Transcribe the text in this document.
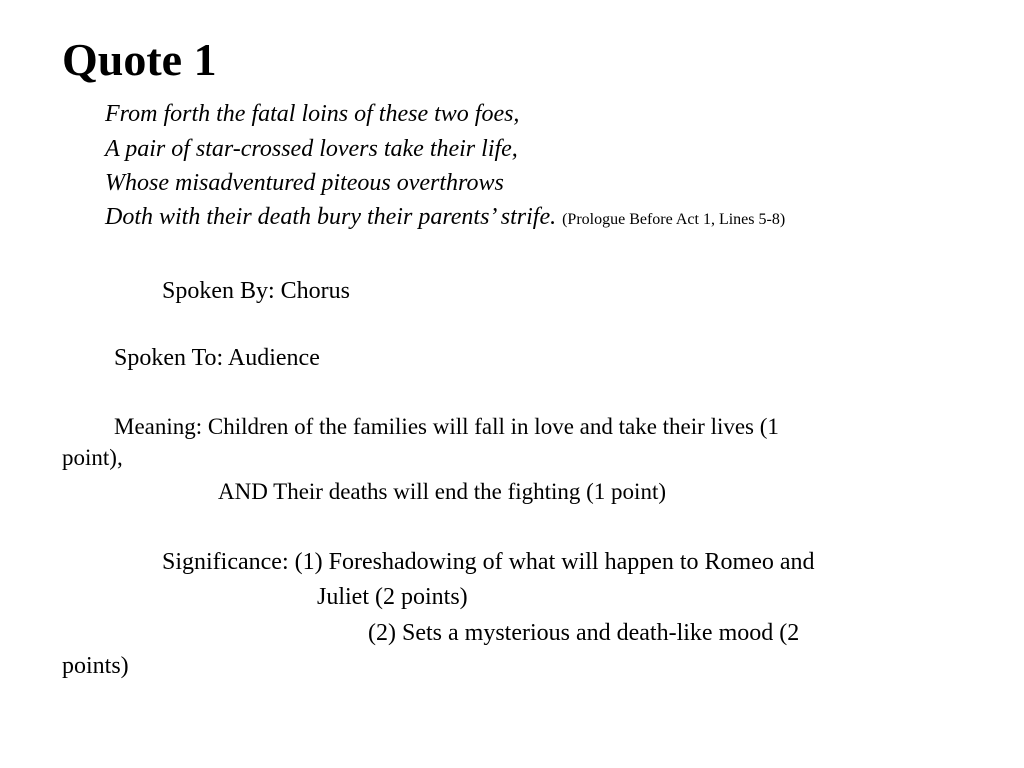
Quote 1
From forth the fatal loins of these two foes,
A pair of star-crossed lovers take their life,
Whose misadventured piteous overthrows
Doth with their death bury their parents’ strife. (Prologue Before Act 1, Lines 5-8)
Spoken By: Chorus
Spoken To: Audience
Meaning: Children of the families will fall in love and take their lives (1
point),
AND Their deaths will end the fighting (1 point)
Significance: (1) Foreshadowing of what will happen to Romeo and
Juliet (2 points)
(2) Sets a mysterious and death-like mood (2
points)
